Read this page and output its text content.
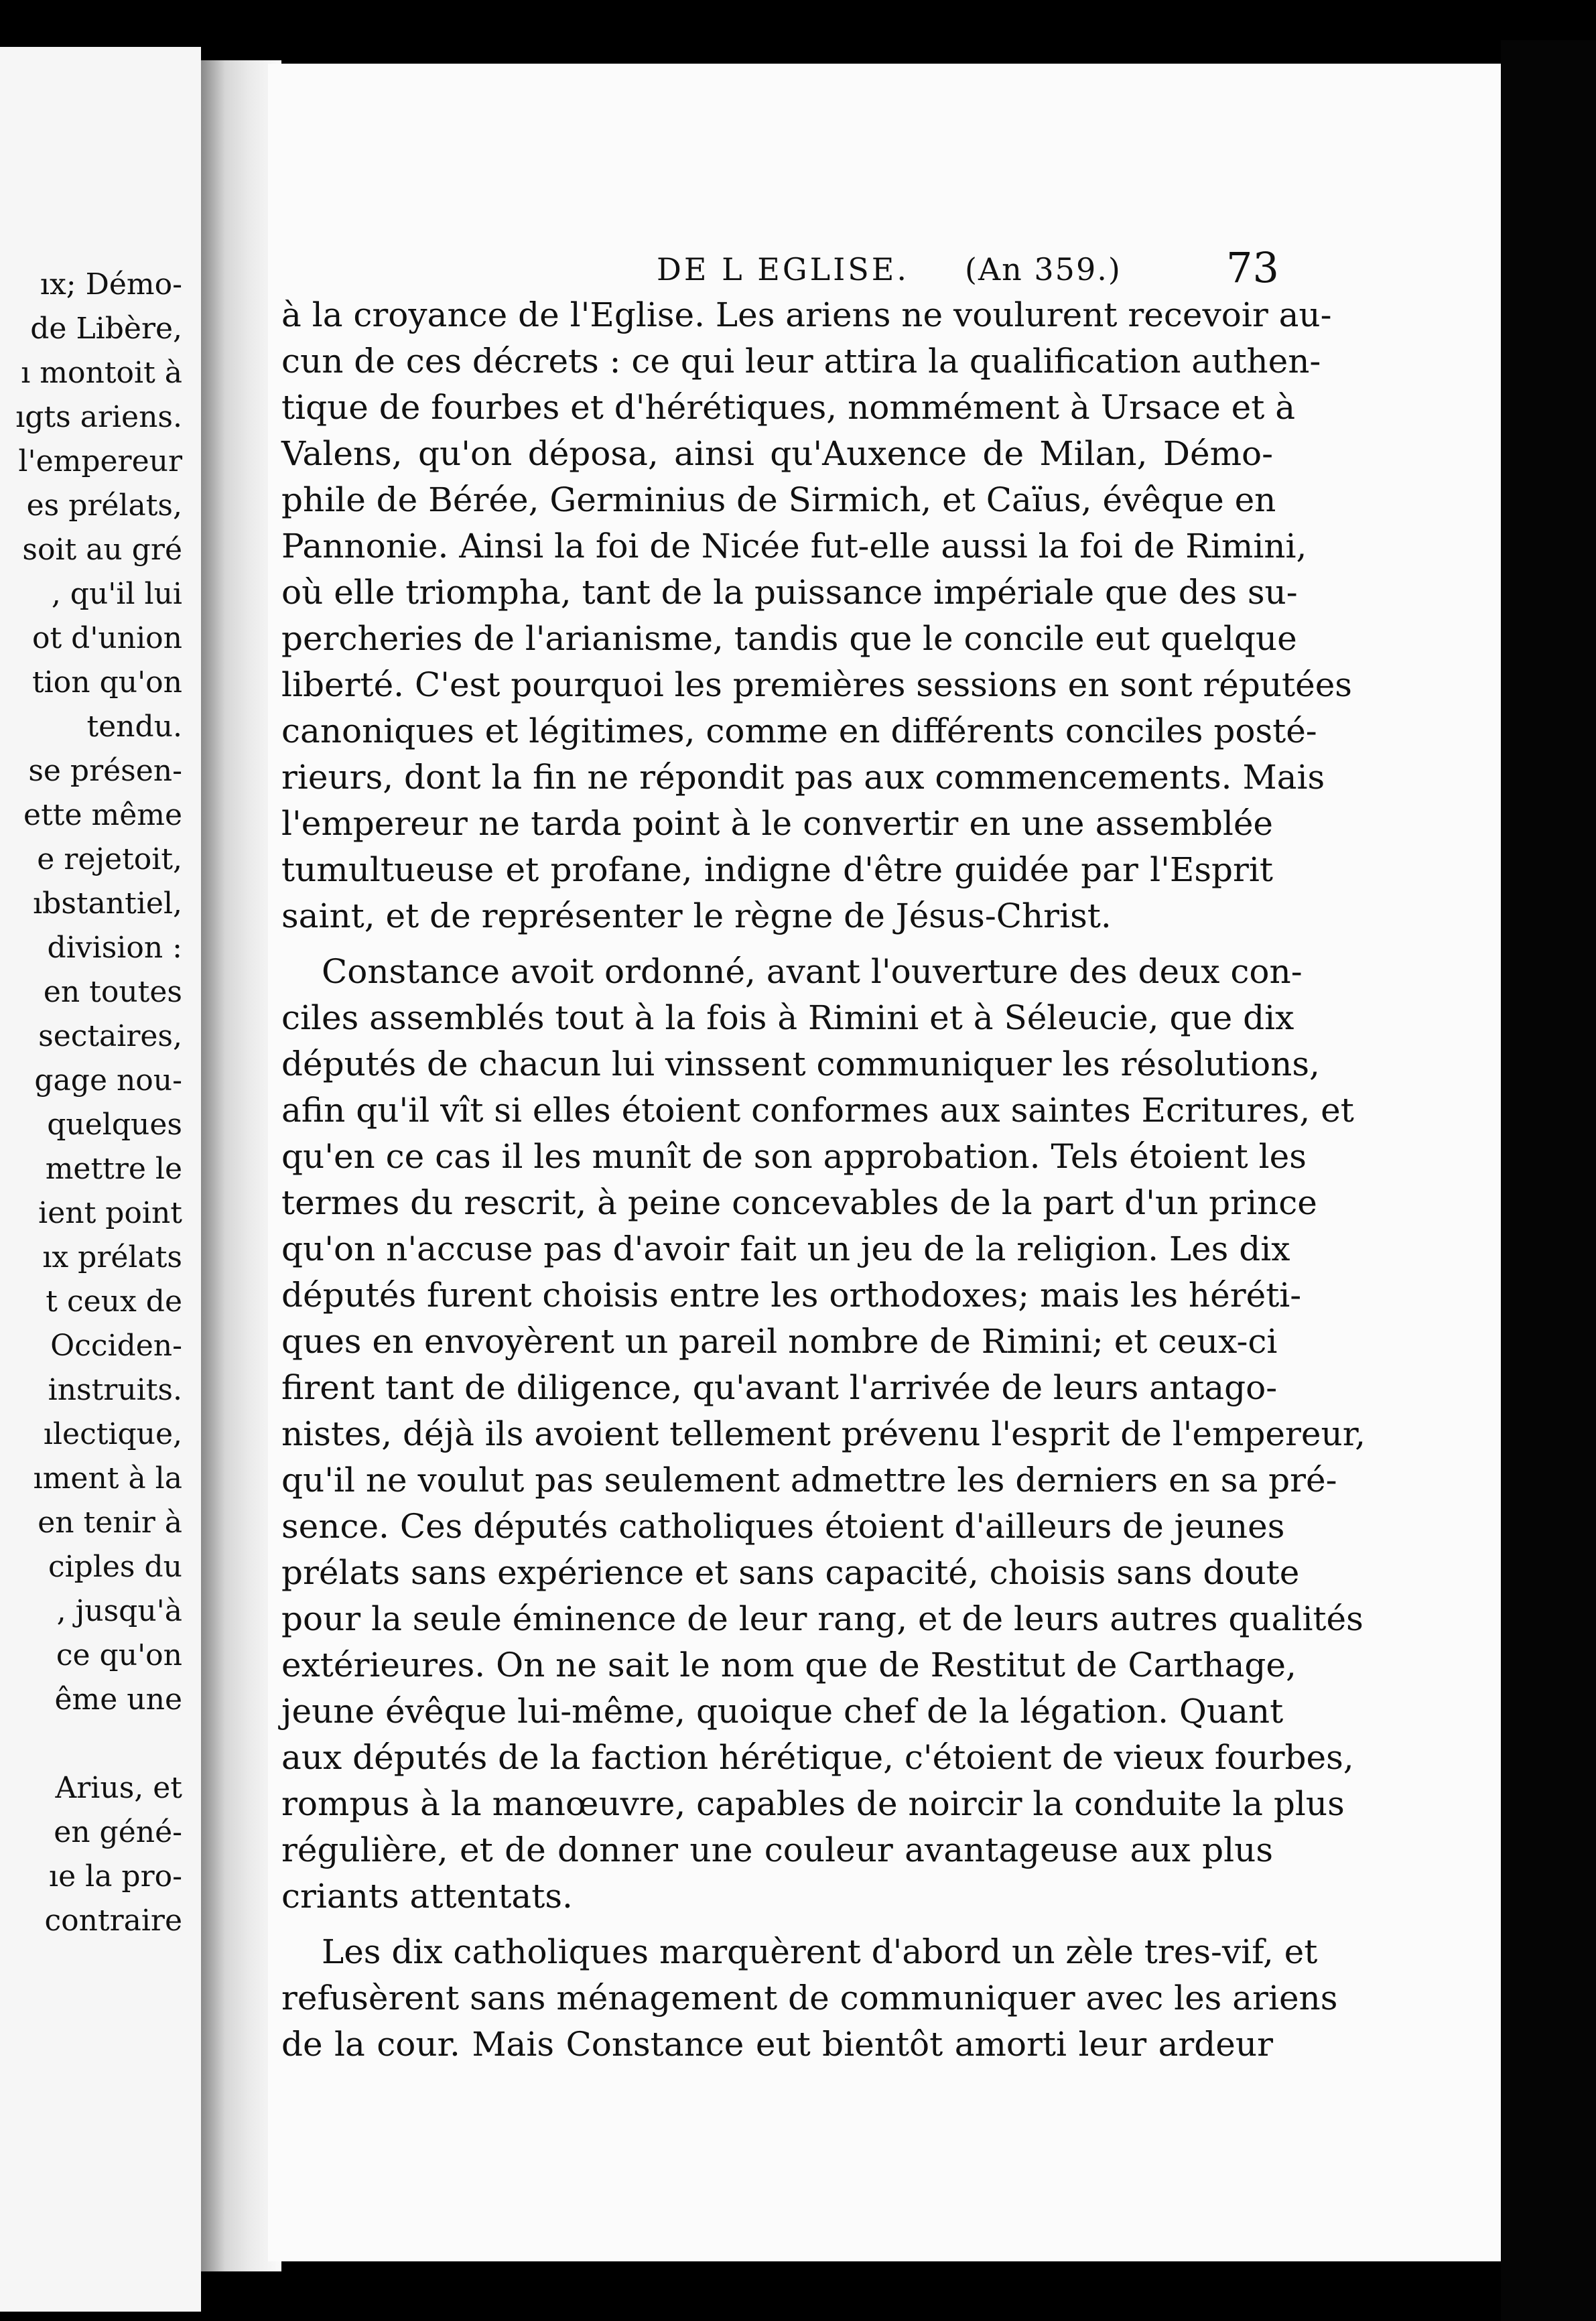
ıx; Démo-
de Libère,
ı montoit à
ıgts ariens.
l'empereur
es prélats,
soit au gré
, qu'il lui
ot d'union
tion qu'on
tendu.
se présen-
ette même
e rejetoit,
ıbstantiel,
division :
en toutes
sectaires,
gage nou-
quelques
mettre le
ient point
ıx prélats
t ceux de
Occiden-
instruits.
ılectique,
ıment à la
en tenir à
ciples du
, jusqu'à
ce qu'on
ême une
Arius, et
en géné-
ıe la pro-
contraire
DE L EGLISE. (An 359.)	73
à la croyance de l'Eglise. Les ariens ne voulurent recevoir au-
cun de ces décrets : ce qui leur attira la qualification authen-
tique de fourbes et d'hérétiques, nommément à Ursace et à
Valens, qu'on déposa, ainsi qu'Auxence de Milan, Démo-
phile de Bérée, Germinius de Sirmich, et Caïus, évêque en
Pannonie. Ainsi la foi de Nicée fut-elle aussi la foi de Rimini,
où elle triompha, tant de la puissance impériale que des su-
percheries de l'arianisme, tandis que le concile eut quelque
liberté. C'est pourquoi les premières sessions en sont réputées
canoniques et légitimes, comme en différents conciles posté-
rieurs, dont la fin ne répondit pas aux commencements. Mais
l'empereur ne tarda point à le convertir en une assemblée
tumultueuse et profane, indigne d'être guidée par l'Esprit
saint, et de représenter le règne de Jésus-Christ.
Constance avoit ordonné, avant l'ouverture des deux con-
ciles assemblés tout à la fois à Rimini et à Séleucie, que dix
députés de chacun lui vinssent communiquer les résolutions,
afin qu'il vît si elles étoient conformes aux saintes Ecritures, et
qu'en ce cas il les munît de son approbation. Tels étoient les
termes du rescrit, à peine concevables de la part d'un prince
qu'on n'accuse pas d'avoir fait un jeu de la religion. Les dix
députés furent choisis entre les orthodoxes; mais les héréti-
ques en envoyèrent un pareil nombre de Rimini; et ceux-ci
firent tant de diligence, qu'avant l'arrivée de leurs antago-
nistes, déjà ils avoient tellement prévenu l'esprit de l'empereur,
qu'il ne voulut pas seulement admettre les derniers en sa pré-
sence. Ces députés catholiques étoient d'ailleurs de jeunes
prélats sans expérience et sans capacité, choisis sans doute
pour la seule éminence de leur rang, et de leurs autres qualités
extérieures. On ne sait le nom que de Restitut de Carthage,
jeune évêque lui-même, quoique chef de la légation. Quant
aux députés de la faction hérétique, c'étoient de vieux fourbes,
rompus à la manœuvre, capables de noircir la conduite la plus
régulière, et de donner une couleur avantageuse aux plus
criants attentats.
Les dix catholiques marquèrent d'abord un zèle tres-vif, et
refusèrent sans ménagement de communiquer avec les ariens
de la cour. Mais Constance eut bientôt amorti leur ardeur
